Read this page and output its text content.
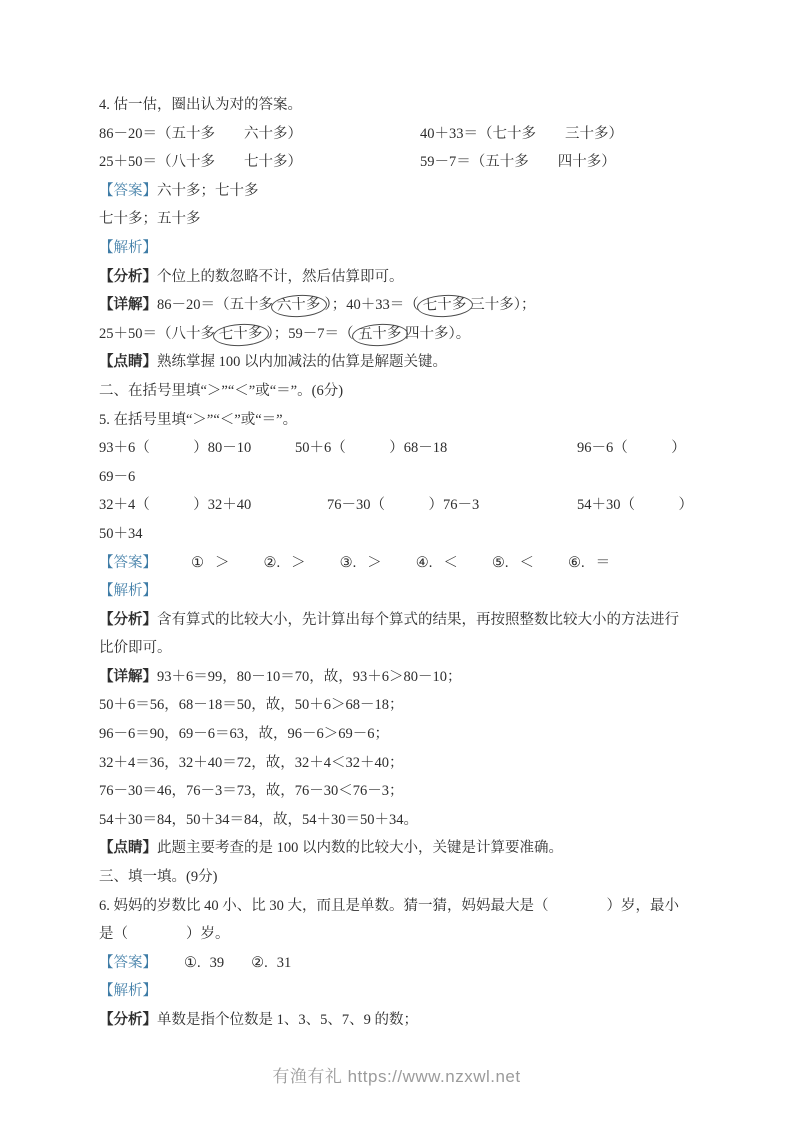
4. 估一估，圈出认为对的答案。

86－20＝（五十多　　六十多）	40＋33＝（七十多　　三十多）
25＋50＝（八十多　　七十多）	59－7＝（五十多　　四十多）

【答案】六十多；七十多

七十多；五十多

【解析】

【分析】个位上的数忽略不计，然后估算即可。

【详解】86－20＝（五十多 六十多 ）；40＋33＝（ 七十多 三十多）；

25＋50＝（八十多 七十多 ）；59－7＝（ 五十多 四十多）。

【点睛】熟练掌握 100 以内加减法的估算是解题关键。

二、在括号里填“＞”“＜”或“＝”。(6分)

5. 在括号里填“＞”“＜”或“＝”。

93＋6（　　　）80－10	50＋6（　　　）68－18	96－6（　　　）

69－6

32＋4（　　　）32＋40	76－30（　　　）76－3	54＋30（　　　）

50＋34

【答案】 ① ＞ ②. ＞ ③. ＞ ④. ＜ ⑤. ＜ ⑥. ＝

【解析】

【分析】含有算式的比较大小，先计算出每个算式的结果，再按照整数比较大小的方法进行

比价即可。

【详解】93＋6＝99，80－10＝70，故，93＋6＞80－10；

50＋6＝56，68－18＝50，故，50＋6＞68－18；

96－6＝90，69－6＝63，故，96－6＞69－6；

32＋4＝36，32＋40＝72，故，32＋4＜32＋40；

76－30＝46，76－3＝73，故，76－30＜76－3；

54＋30＝84，50＋34＝84，故，54＋30＝50＋34。

【点睛】此题主要考查的是 100 以内数的比较大小，关键是计算要准确。

三、填一填。(9分)

6. 妈妈的岁数比 40 小、比 30 大，而且是单数。猜一猜，妈妈最大是（　　　　）岁，最小

是（　　　　）岁。

【答案】 ①. 39 ②. 31

【解析】

【分析】单数是指个位数是 1、3、5、7、9 的数；

有渔有礼 https://www.nzxwl.net
